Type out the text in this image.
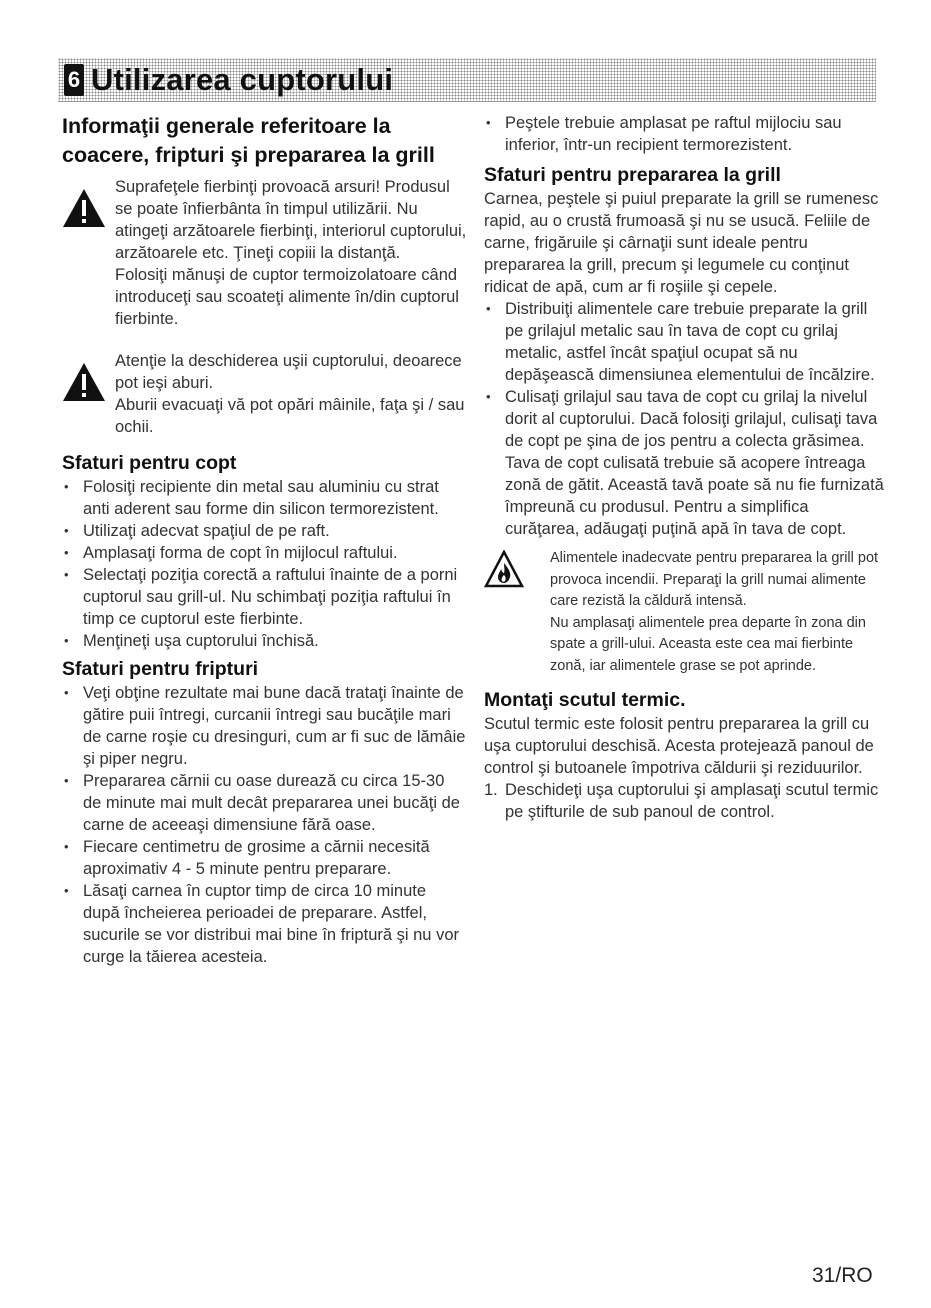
6 Utilizarea cuptorului
Informaţii generale referitoare la coacere, fripturi şi prepararea la grill
Suprafeţele fierbinţi provoacă arsuri! Produsul se poate înfierbânta în timpul utilizării. Nu atingeţi arzătoarele fierbinţi, interiorul cuptorului, arzătoarele etc. Ţineţi copiii la distanţă.
Folosiţi mănuşi de cuptor termoizolatoare când introduceţi sau scoateţi alimente în/din cuptorul fierbinte.
Atenţie la deschiderea uşii cuptorului, deoarece pot ieşi aburi.
Aburii evacuaţi vă pot opări mâinile, faţa şi / sau ochii.
Sfaturi pentru copt
• Folosiţi recipiente din metal sau aluminiu cu strat anti aderent sau forme din silicon termorezistent.
• Utilizaţi adecvat spaţiul de pe raft.
• Amplasaţi forma de copt în mijlocul raftului.
• Selectaţi poziţia corectă a raftului înainte de a porni cuptorul sau grill-ul. Nu schimbaţi poziţia raftului în timp ce cuptorul este fierbinte.
• Menţineţi uşa cuptorului închisă.
Sfaturi pentru fripturi
• Veţi obţine rezultate mai bune dacă trataţi înainte de gătire puii întregi, curcanii întregi sau bucăţile mari de carne roşie cu dresinguri, cum ar fi suc de lămâie şi piper negru.
• Prepararea cărnii cu oase durează cu circa 15-30 de minute mai mult decât prepararea unei bucăţi de carne de aceeaşi dimensiune fără oase.
• Fiecare centimetru de grosime a cărnii necesită aproximativ 4 - 5 minute pentru preparare.
• Lăsaţi carnea în cuptor timp de circa 10 minute după încheierea perioadei de preparare. Astfel, sucurile se vor distribui mai bine în friptură şi nu vor curge la tăierea acesteia.
• Peştele trebuie amplasat pe raftul mijlociu sau inferior, într-un recipient termorezistent.
Sfaturi pentru prepararea la grill
Carnea, peştele şi puiul preparate la grill se rumenesc rapid, au o crustă frumoasă şi nu se usucă. Feliile de carne, frigăruile şi cârnaţii sunt ideale pentru prepararea la grill, precum şi legumele cu conţinut ridicat de apă, cum ar fi roşiile şi cepele.
• Distribuiţi alimentele care trebuie preparate la grill pe grilajul metalic sau în tava de copt cu grilaj metalic, astfel încât spaţiul ocupat să nu depăşească dimensiunea elementului de încălzire.
• Culisaţi grilajul sau tava de copt cu grilaj la nivelul dorit al cuptorului. Dacă folosiţi grilajul, culisaţi tava de copt pe şina de jos pentru a colecta grăsimea. Tava de copt culisată trebuie să acopere întreaga zonă de gătit. Această tavă poate să nu fie furnizată împreună cu produsul. Pentru a simplifica curăţarea, adăugaţi puţină apă în tava de copt.
Alimentele inadecvate pentru prepararea la grill pot provoca incendii. Preparaţi la grill numai alimente care rezistă la căldură intensă.
Nu amplasaţi alimentele prea departe în zona din spate a grill-ului. Aceasta este cea mai fierbinte zonă, iar alimentele grase se pot aprinde.
Montaţi scutul termic.
Scutul termic este folosit pentru prepararea la grill cu uşa cuptorului deschisă. Acesta protejează panoul de control şi butoanele împotriva căldurii şi reziduurilor.
1. Deschideţi uşa cuptorului şi amplasaţi scutul termic pe ştifturile de sub panoul de control.
31/RO
